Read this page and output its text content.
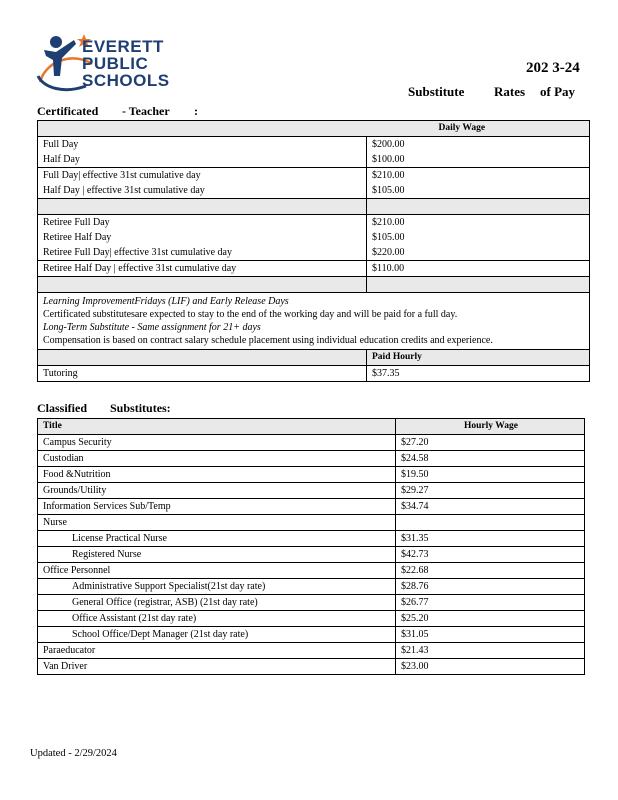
EVERETT
PUBLIC
SCHOOLS
202 3-24
Substitute Rates of Pay
Certificated - Teacher :
	Daily Wage
Full Day	$200.00
Half Day	$100.00
Full Day| effective 31st cumulative day	$210.00
Half Day | effective 31st cumulative day	$105.00

Retiree Full Day	$210.00
Retiree Half Day	$105.00
Retiree Full Day| effective 31st cumulative day	$220.00
Retiree Half Day | effective 31st cumulative day	$110.00

Learning ImprovementFridays (LIF) and Early Release Days
Certificated substitutesare expected to stay to the end of the working day and will be paid for a full day.
Long-Term Substitute - Same assignment for 21+ days
Compensation is based on contract salary schedule placement using individual education credits and experience.	

	Paid Hourly
Tutoring	$37.35
Classified Substitutes:
Title	Hourly Wage
Campus Security	$27.20
Custodian	$24.58
Food &Nutrition	$19.50
Grounds/Utility	$29.27
Information Services Sub/Temp	$34.74
Nurse	
License Practical Nurse	$31.35
Registered Nurse	$42.73
Office Personnel	$22.68
Administrative Support Specialist(21st day rate)	$28.76
General Office (registrar, ASB) (21st day rate)	$26.77
Office Assistant (21st day rate)	$25.20
School Office/Dept Manager (21st day rate)	$31.05
Paraeducator	$21.43
Van Driver	$23.00
Updated - 2/29/2024
